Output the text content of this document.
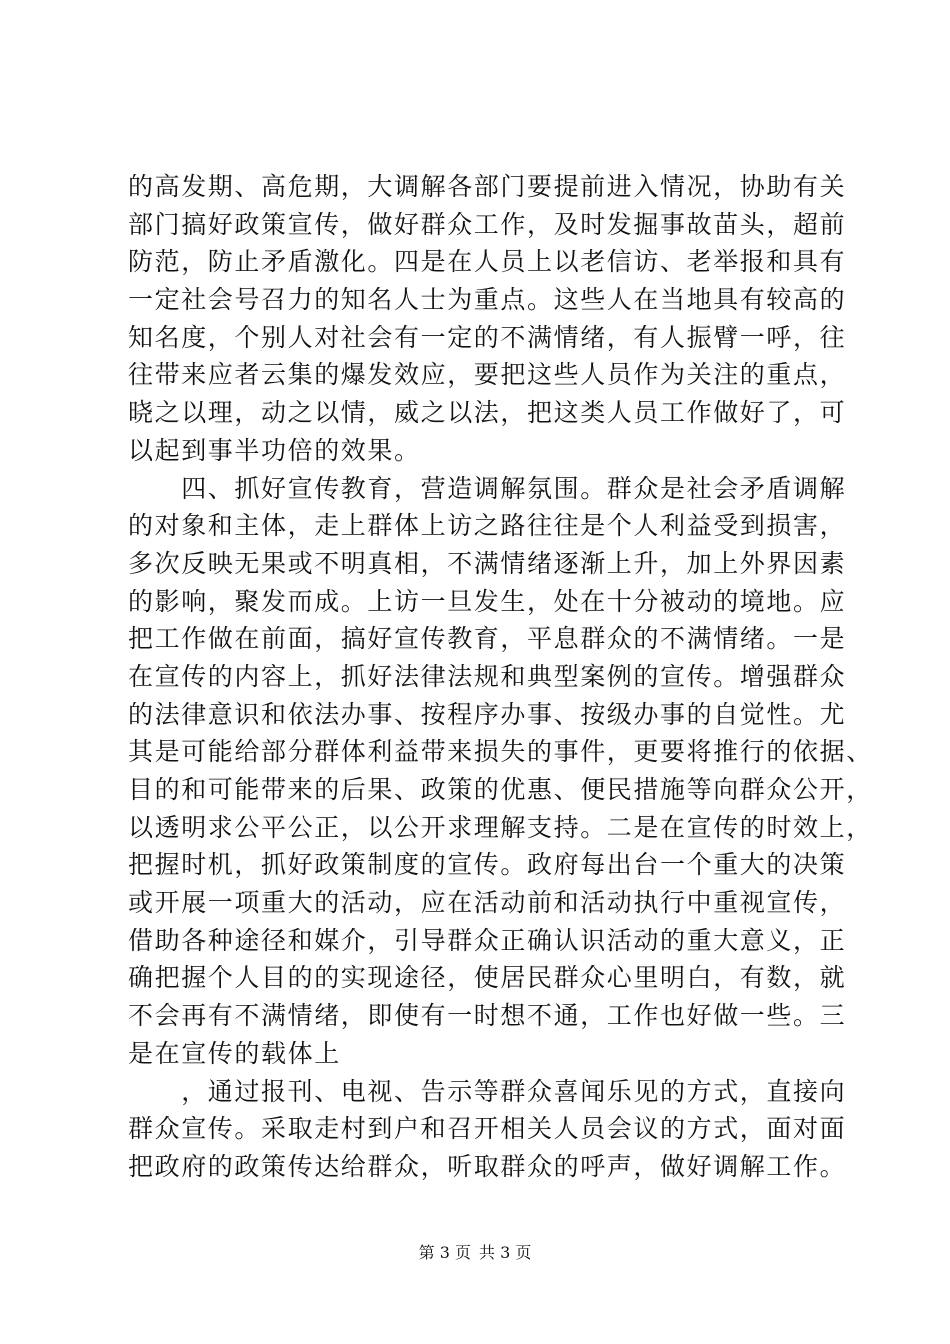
的高发期、高危期，大调解各部门要提前进入情况，协助有关
部门搞好政策宣传，做好群众工作，及时发掘事故苗头，超前
防范，防止矛盾激化。四是在人员上以老信访、老举报和具有
一定社会号召力的知名人士为重点。这些人在当地具有较高的
知名度，个别人对社会有一定的不满情绪，有人振臂一呼，往
往带来应者云集的爆发效应，要把这些人员作为关注的重点，
晓之以理，动之以情，威之以法，把这类人员工作做好了，可
以起到事半功倍的效果。
　　四、抓好宣传教育，营造调解氛围。群众是社会矛盾调解
的对象和主体，走上群体上访之路往往是个人利益受到损害，
多次反映无果或不明真相，不满情绪逐渐上升，加上外界因素
的影响，聚发而成。上访一旦发生，处在十分被动的境地。应
把工作做在前面，搞好宣传教育，平息群众的不满情绪。一是
在宣传的内容上，抓好法律法规和典型案例的宣传。增强群众
的法律意识和依法办事、按程序办事、按级办事的自觉性。尤
其是可能给部分群体利益带来损失的事件，更要将推行的依据、
目的和可能带来的后果、政策的优惠、便民措施等向群众公开，
以透明求公平公正，以公开求理解支持。二是在宣传的时效上，
把握时机，抓好政策制度的宣传。政府每出台一个重大的决策
或开展一项重大的活动，应在活动前和活动执行中重视宣传，
借助各种途径和媒介，引导群众正确认识活动的重大意义，正
确把握个人目的的实现途径，使居民群众心里明白，有数，就
不会再有不满情绪，即使有一时想不通，工作也好做一些。三
是在宣传的载体上
　　，通过报刊、电视、告示等群众喜闻乐见的方式，直接向
群众宣传。采取走村到户和召开相关人员会议的方式，面对面
把政府的政策传达给群众，听取群众的呼声，做好调解工作。
第 3 页 共 3 页
